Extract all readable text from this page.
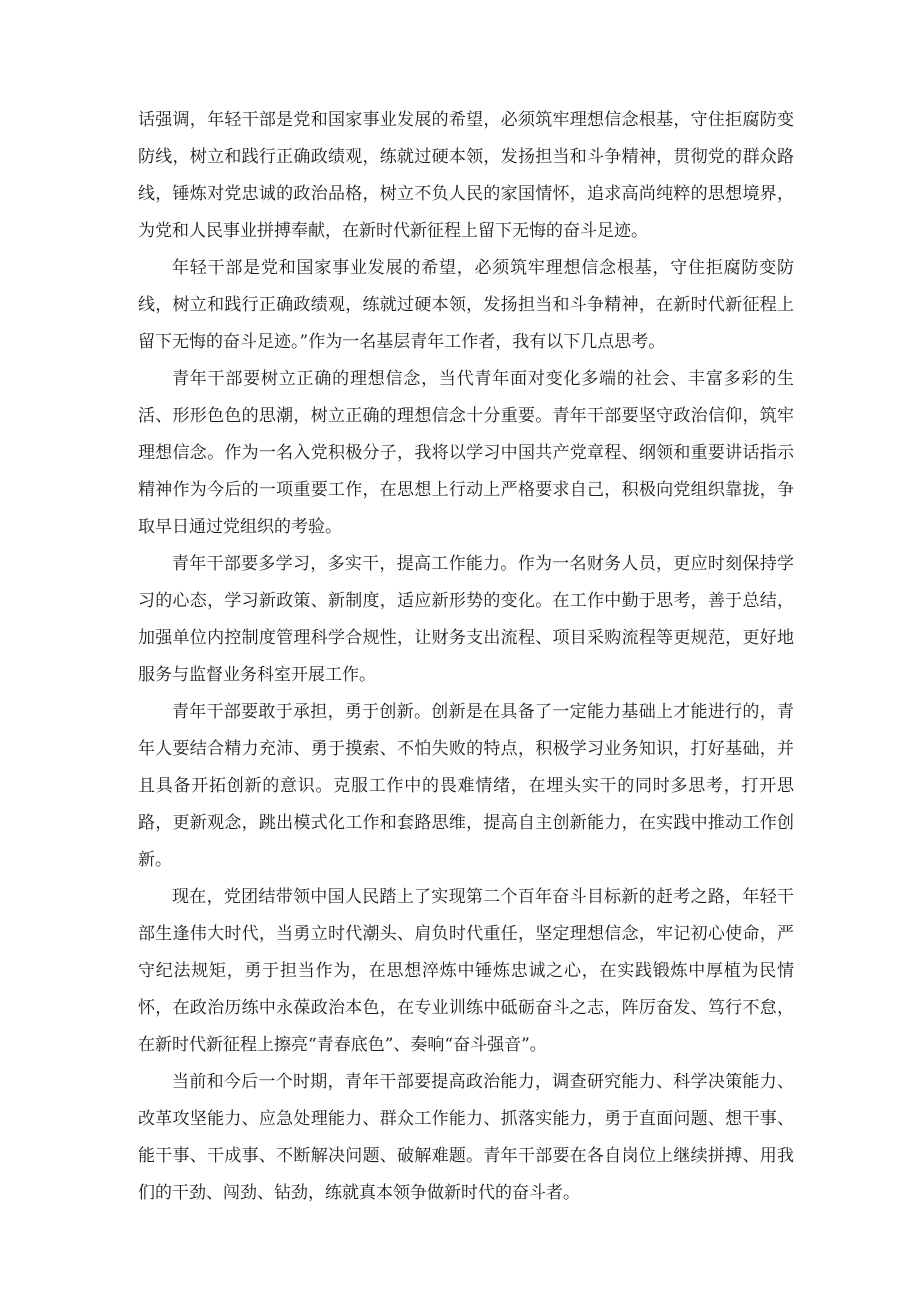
话强调，年轻干部是党和国家事业发展的希望，必须筑牢理想信念根基，守住拒腐防变防线，树立和践行正确政绩观，练就过硬本领，发扬担当和斗争精神，贯彻党的群众路线，锤炼对党忠诚的政治品格，树立不负人民的家国情怀，追求高尚纯粹的思想境界，为党和人民事业拼搏奉献，在新时代新征程上留下无悔的奋斗足迹。

年轻干部是党和国家事业发展的希望，必须筑牢理想信念根基，守住拒腐防变防线，树立和践行正确政绩观，练就过硬本领，发扬担当和斗争精神，在新时代新征程上留下无悔的奋斗足迹。”作为一名基层青年工作者，我有以下几点思考。

青年干部要树立正确的理想信念，当代青年面对变化多端的社会、丰富多彩的生活、形形色色的思潮，树立正确的理想信念十分重要。青年干部要坚守政治信仰，筑牢理想信念。作为一名入党积极分子，我将以学习中国共产党章程、纲领和重要讲话指示精神作为今后的一项重要工作，在思想上行动上严格要求自己，积极向党组织靠拢，争取早日通过党组织的考验。

青年干部要多学习，多实干，提高工作能力。作为一名财务人员，更应时刻保持学习的心态，学习新政策、新制度，适应新形势的变化。在工作中勤于思考，善于总结，加强单位内控制度管理科学合规性，让财务支出流程、项目采购流程等更规范，更好地服务与监督业务科室开展工作。

青年干部要敢于承担，勇于创新。创新是在具备了一定能力基础上才能进行的，青年人要结合精力充沛、勇于摸索、不怕失败的特点，积极学习业务知识，打好基础，并且具备开拓创新的意识。克服工作中的畏难情绪，在埋头实干的同时多思考，打开思路，更新观念，跳出模式化工作和套路思维，提高自主创新能力，在实践中推动工作创新。

现在，党团结带领中国人民踏上了实现第二个百年奋斗目标新的赶考之路，年轻干部生逢伟大时代，当勇立时代潮头、肩负时代重任，坚定理想信念，牢记初心使命，严守纪法规矩，勇于担当作为，在思想淬炼中锤炼忠诚之心，在实践锻炼中厚植为民情怀，在政治历练中永葆政治本色，在专业训练中砥砺奋斗之志，阵厉奋发、笃行不怠，在新时代新征程上擦亮“青春底色”、奏响“奋斗强音”。

当前和今后一个时期，青年干部要提高政治能力，调查研究能力、科学决策能力、改革攻坚能力、应急处理能力、群众工作能力、抓落实能力，勇于直面问题、想干事、能干事、干成事、不断解决问题、破解难题。青年干部要在各自岗位上继续拼搏、用我们的干劲、闯劲、钻劲，练就真本领争做新时代的奋斗者。
